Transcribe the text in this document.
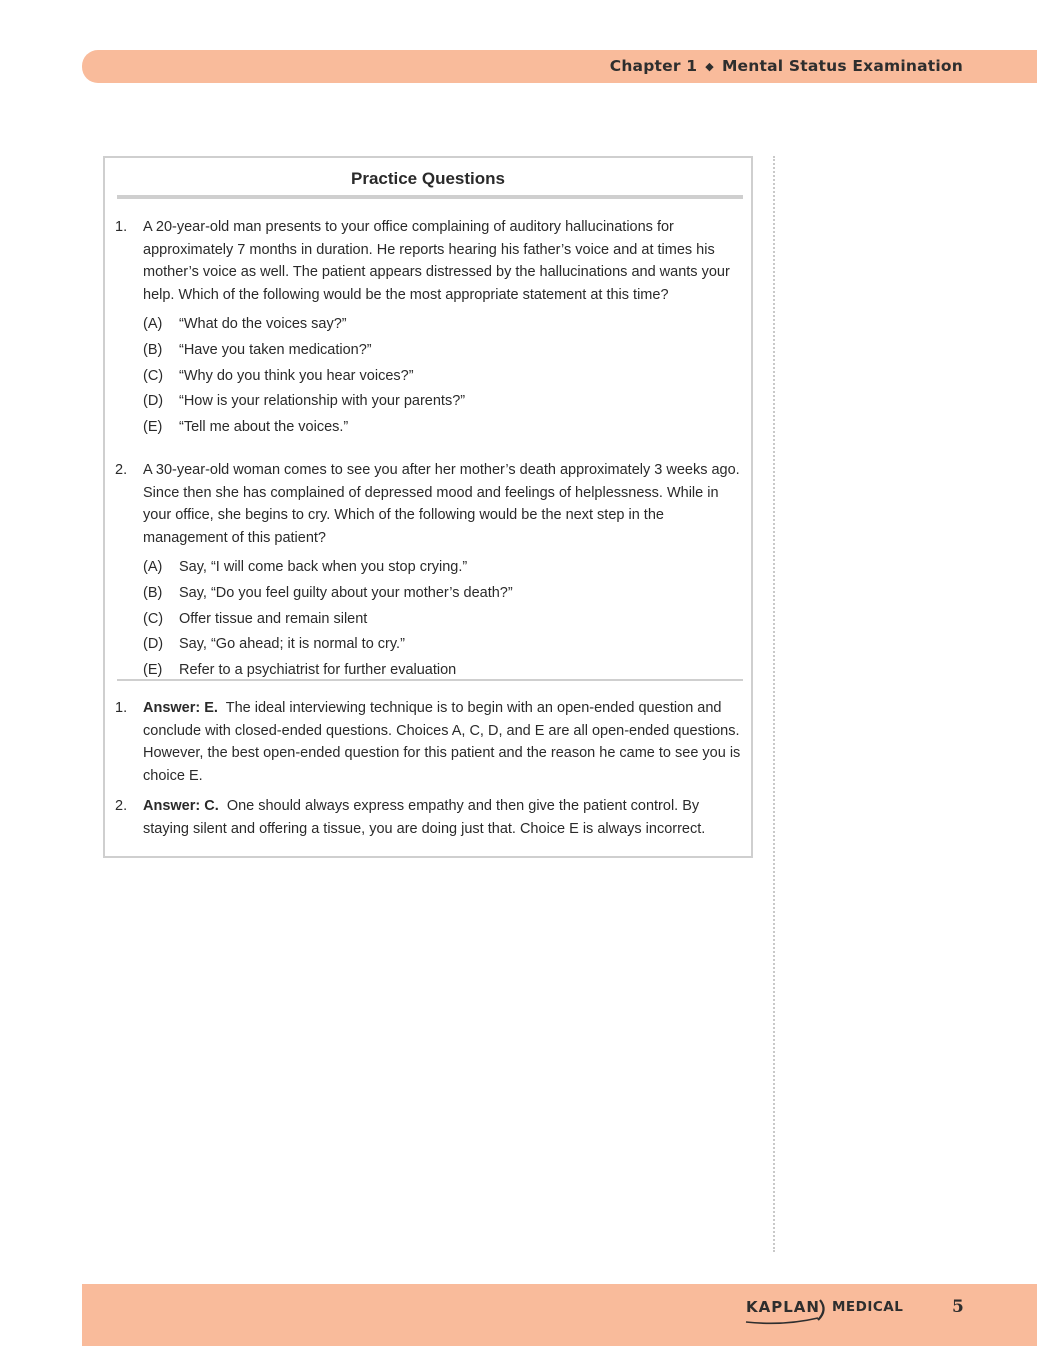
Chapter 1 ◆ Mental Status Examination
Practice Questions
1. A 20-year-old man presents to your office complaining of auditory hallucinations for approximately 7 months in duration. He reports hearing his father’s voice and at times his mother’s voice as well. The patient appears distressed by the hallucinations and wants your help. Which of the following would be the most appropriate statement at this time?
(A) “What do the voices say?”
(B) “Have you taken medication?”
(C) “Why do you think you hear voices?”
(D) “How is your relationship with your parents?”
(E) “Tell me about the voices.”
2. A 30-year-old woman comes to see you after her mother’s death approximately 3 weeks ago. Since then she has complained of depressed mood and feelings of helplessness. While in your office, she begins to cry. Which of the following would be the next step in the management of this patient?
(A) Say, “I will come back when you stop crying.”
(B) Say, “Do you feel guilty about your mother’s death?”
(C) Offer tissue and remain silent
(D) Say, “Go ahead; it is normal to cry.”
(E) Refer to a psychiatrist for further evaluation
1. Answer: E. The ideal interviewing technique is to begin with an open-ended question and conclude with closed-ended questions. Choices A, C, D, and E are all open-ended questions. However, the best open-ended question for this patient and the reason he came to see you is choice E.
2. Answer: C. One should always express empathy and then give the patient control. By staying silent and offering a tissue, you are doing just that. Choice E is always incorrect.
KAPLAN MEDICAL	5
